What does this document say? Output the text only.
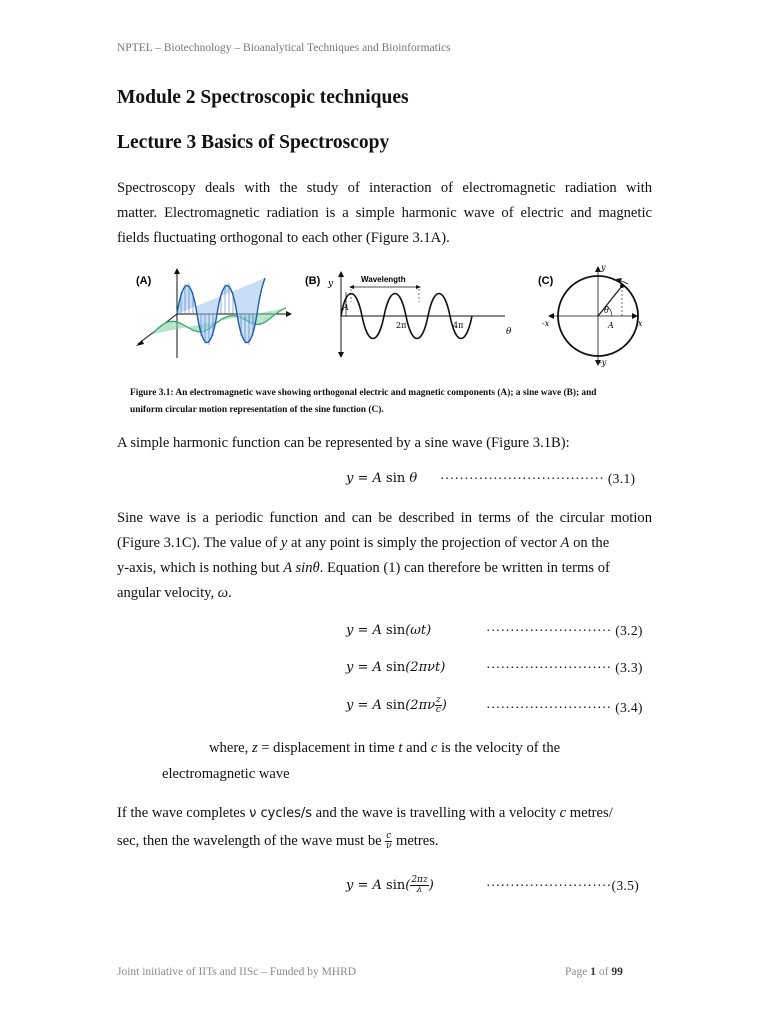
NPTEL – Biotechnology – Bioanalytical Techniques and Bioinformatics
Module 2 Spectroscopic techniques
Lecture 3 Basics of Spectroscopy
Spectroscopy deals with the study of interaction of electromagnetic radiation with
matter. Electromagnetic radiation is a simple harmonic wave of electric and magnetic
fields fluctuating orthogonal to each other (Figure 3.1A).
(A)	(B) y	Wavelength
A
2π	4π
θ
(C)
y
-y
x
-x
θ
A
Figure 3.1: An electromagnetic wave showing orthogonal electric and magnetic components (A); a sine wave (B); and
uniform circular motion representation of the sine function (C).
A simple harmonic function can be represented by a sine wave (Figure 3.1B):
y = A sin θ ·································· (3.1)
Sine wave is a periodic function and can be described in terms of the circular motion
(Figure 3.1C). The value of y at any point is simply the projection of vector A on the
y-axis, which is nothing but A sinθ. Equation (1) can therefore be written in terms of
angular velocity, ω.
y = A sin(ωt)	·························· (3.2)
y = A sin(2πνt)	·························· (3.3)
y = A $\sin(2\pi\nu \frac{z}{c}$ )	·························· (3.4)
where, z = displacement in time t and c is the velocity of the
electromagnetic wave
If the wave completes ν cycles/s and the wave is travelling with a velocity c metres/
sec, then the wavelength of the wave must be $\frac{c}{\nu}$ metres.
y = A $\sin( \frac{2\pi z}{\lambda}$ )	··························(3.5)
Joint initiative of IITs and IISc – Funded by MHRD	Page 1 of 99
